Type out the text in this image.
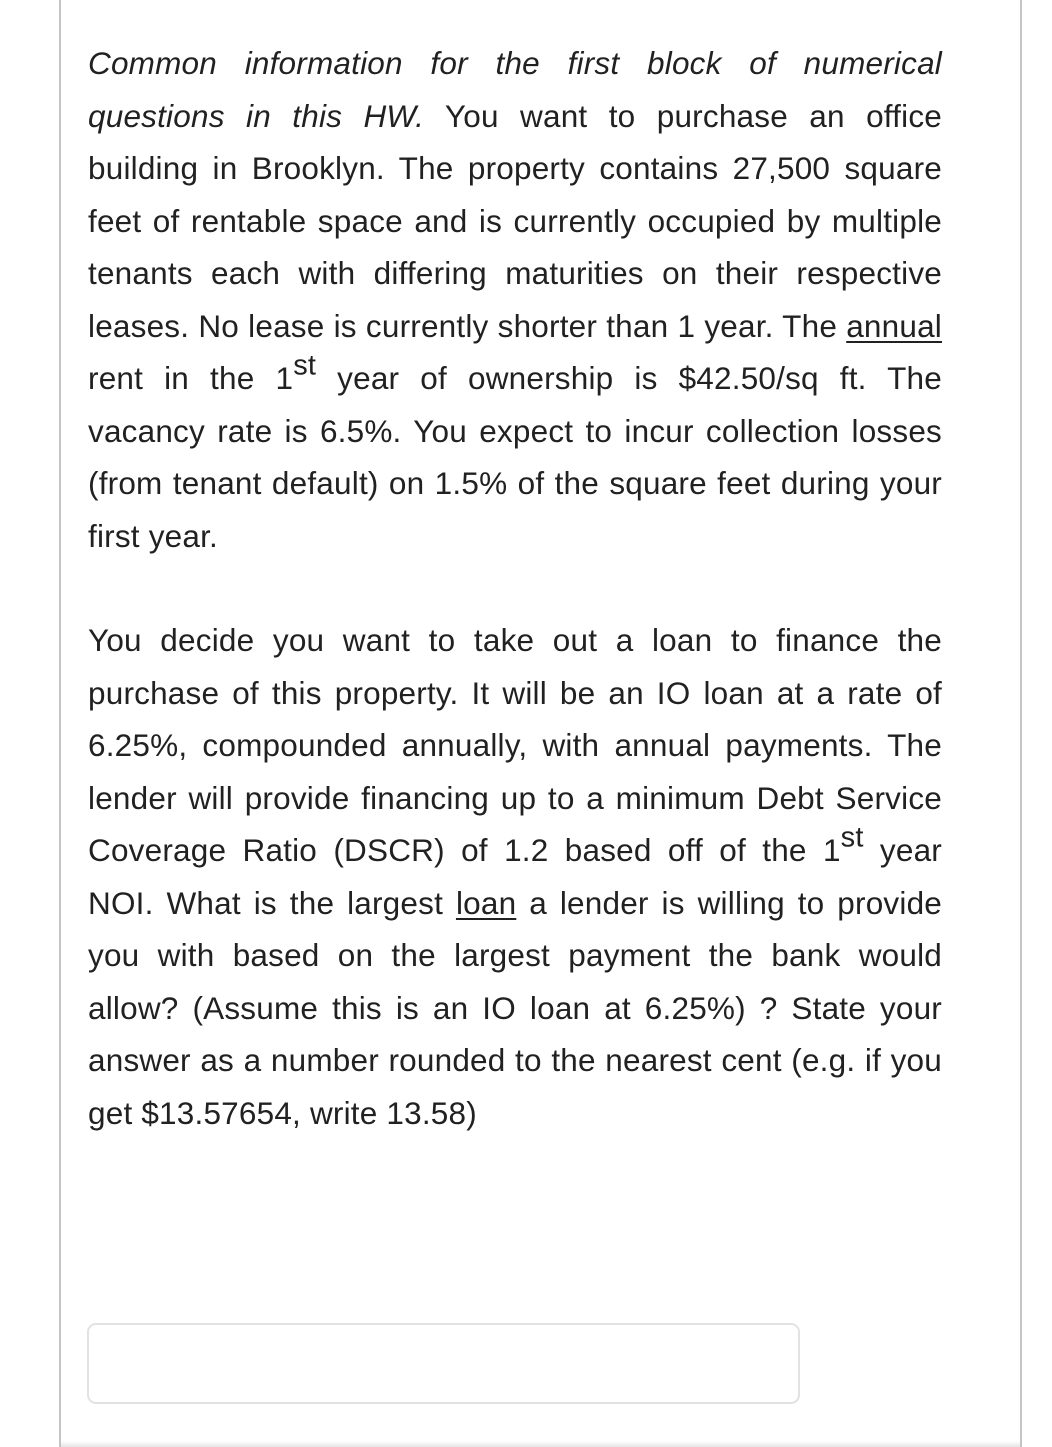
Common information for the first block of numerical questions in this HW. You want to purchase an office building in Brooklyn. The property contains 27,500 square feet of rentable space and is currently occupied by multiple tenants each with differing maturities on their respective leases. No lease is currently shorter than 1 year. The annual rent in the 1st year of ownership is $42.50/sq ft. The vacancy rate is 6.5%. You expect to incur collection losses (from tenant default) on 1.5% of the square feet during your first year.

You decide you want to take out a loan to finance the purchase of this property. It will be an IO loan at a rate of 6.25%, compounded annually, with annual payments. The lender will provide financing up to a minimum Debt Service Coverage Ratio (DSCR) of 1.2 based off of the 1st year NOI. What is the largest loan a lender is willing to provide you with based on the largest payment the bank would allow? (Assume this is an IO loan at 6.25%) ? State your answer as a number rounded to the nearest cent (e.g. if you get $13.57654, write 13.58)
